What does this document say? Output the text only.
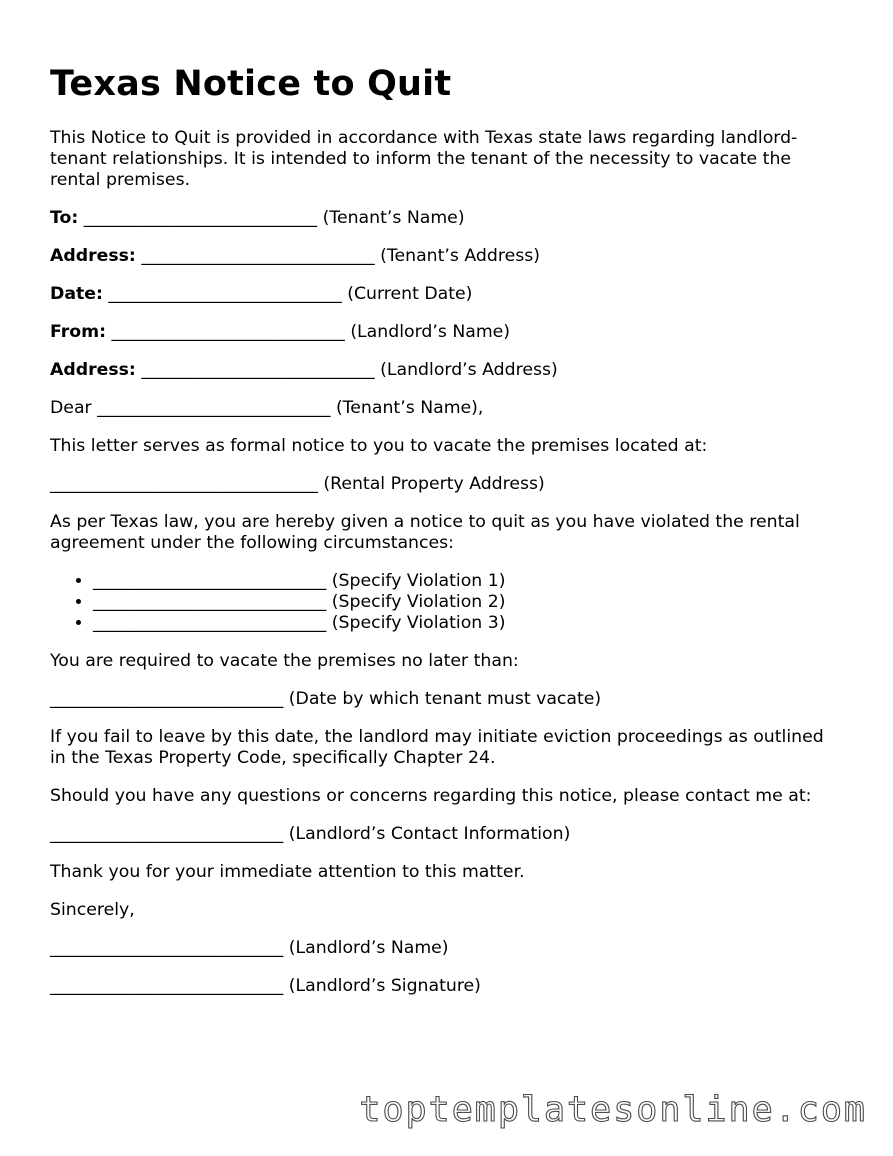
Texas Notice to Quit

This Notice to Quit is provided in accordance with Texas state laws regarding landlord-tenant relationships. It is intended to inform the tenant of the necessity to vacate the rental premises.

To: ___________________________ (Tenant’s Name)

Address: ___________________________ (Tenant’s Address)

Date: ___________________________ (Current Date)

From: ___________________________ (Landlord’s Name)

Address: ___________________________ (Landlord’s Address)

Dear ___________________________ (Tenant’s Name),

This letter serves as formal notice to you to vacate the premises located at:

_______________________________ (Rental Property Address)

As per Texas law, you are hereby given a notice to quit as you have violated the rental agreement under the following circumstances:

• ___________________________ (Specify Violation 1)
• ___________________________ (Specify Violation 2)
• ___________________________ (Specify Violation 3)

You are required to vacate the premises no later than:

___________________________ (Date by which tenant must vacate)

If you fail to leave by this date, the landlord may initiate eviction proceedings as outlined in the Texas Property Code, specifically Chapter 24.

Should you have any questions or concerns regarding this notice, please contact me at:

___________________________ (Landlord’s Contact Information)

Thank you for your immediate attention to this matter.

Sincerely,

___________________________ (Landlord’s Name)

___________________________ (Landlord’s Signature)

toptemplatesonline.com
